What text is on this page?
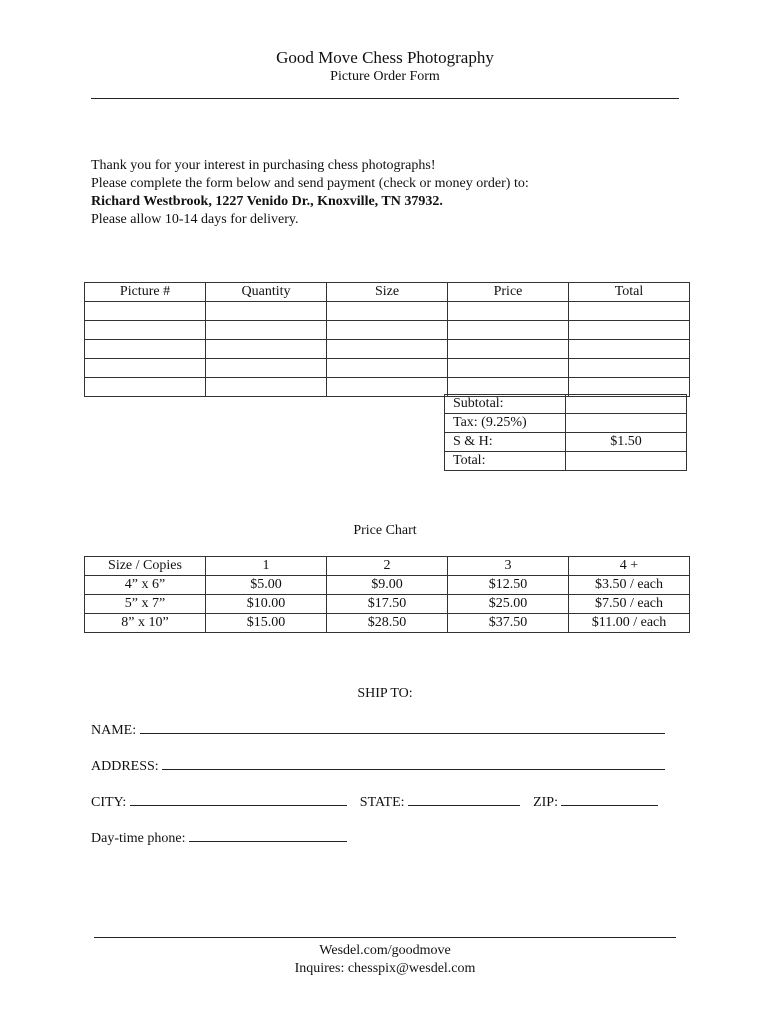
Good Move Chess Photography
Picture Order Form
Thank you for your interest in purchasing chess photographs!
Please complete the form below and send payment (check or money order) to:
Richard Westbrook, 1227 Venido Dr., Knoxville, TN 37932.
Please allow 10-14 days for delivery.
Picture #	Quantity	Size	Price	Total

Subtotal:	
Tax: (9.25%)	
S & H:	$1.50
Total:	
Price Chart
Size / Copies	1	2	3	4 +
4” x 6”	$5.00	$9.00	$12.50	$3.50 / each
5” x 7”	$10.00	$17.50	$25.00	$7.50 / each
8” x 10”	$15.00	$28.50	$37.50	$11.00 / each
SHIP TO:
NAME:
ADDRESS:
CITY:	STATE:	ZIP:
Day-time phone:
Wesdel.com/goodmove
Inquires: chesspix@wesdel.com
